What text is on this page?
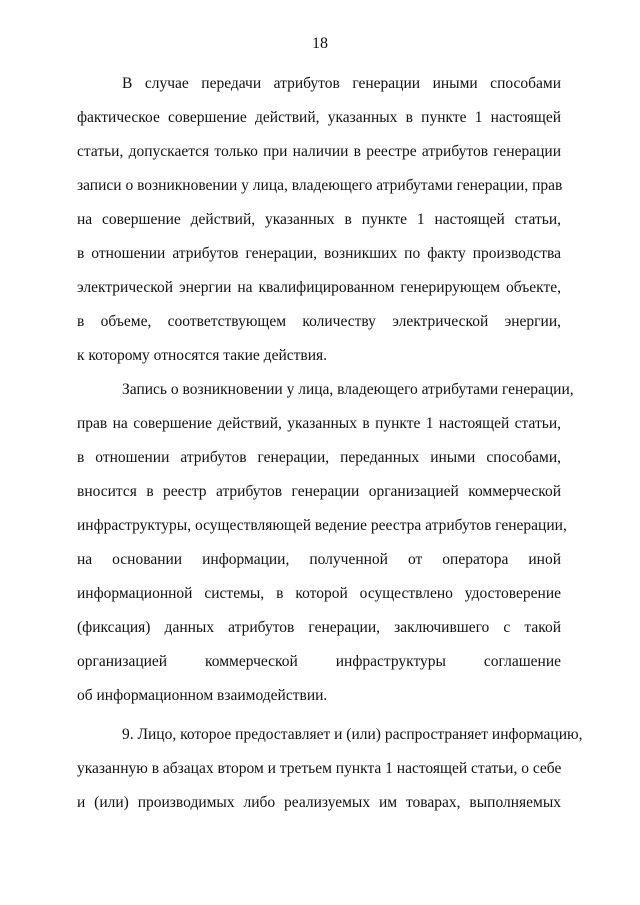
18
В случае передачи атрибутов генерации иными способами
фактическое совершение действий, указанных в пункте 1 настоящей
статьи, допускается только при наличии в реестре атрибутов генерации
записи о возникновении у лица, владеющего атрибутами генерации, прав
на совершение действий, указанных в пункте 1 настоящей статьи,
в отношении атрибутов генерации, возникших по факту производства
электрической энергии на квалифицированном генерирующем объекте,
в объеме, соответствующем количеству электрической энергии,
к которому относятся такие действия.
Запись о возникновении у лица, владеющего атрибутами генерации,
прав на совершение действий, указанных в пункте 1 настоящей статьи,
в отношении атрибутов генерации, переданных иными способами,
вносится в реестр атрибутов генерации организацией коммерческой
инфраструктуры, осуществляющей ведение реестра атрибутов генерации,
на основании информации, полученной от оператора иной
информационной системы, в которой осуществлено удостоверение
(фиксация) данных атрибутов генерации, заключившего с такой
организацией коммерческой инфраструктуры соглашение
об информационном взаимодействии.
9. Лицо, которое предоставляет и (или) распространяет информацию,
указанную в абзацах втором и третьем пункта 1 настоящей статьи, о себе
и (или) производимых либо реализуемых им товарах, выполняемых
